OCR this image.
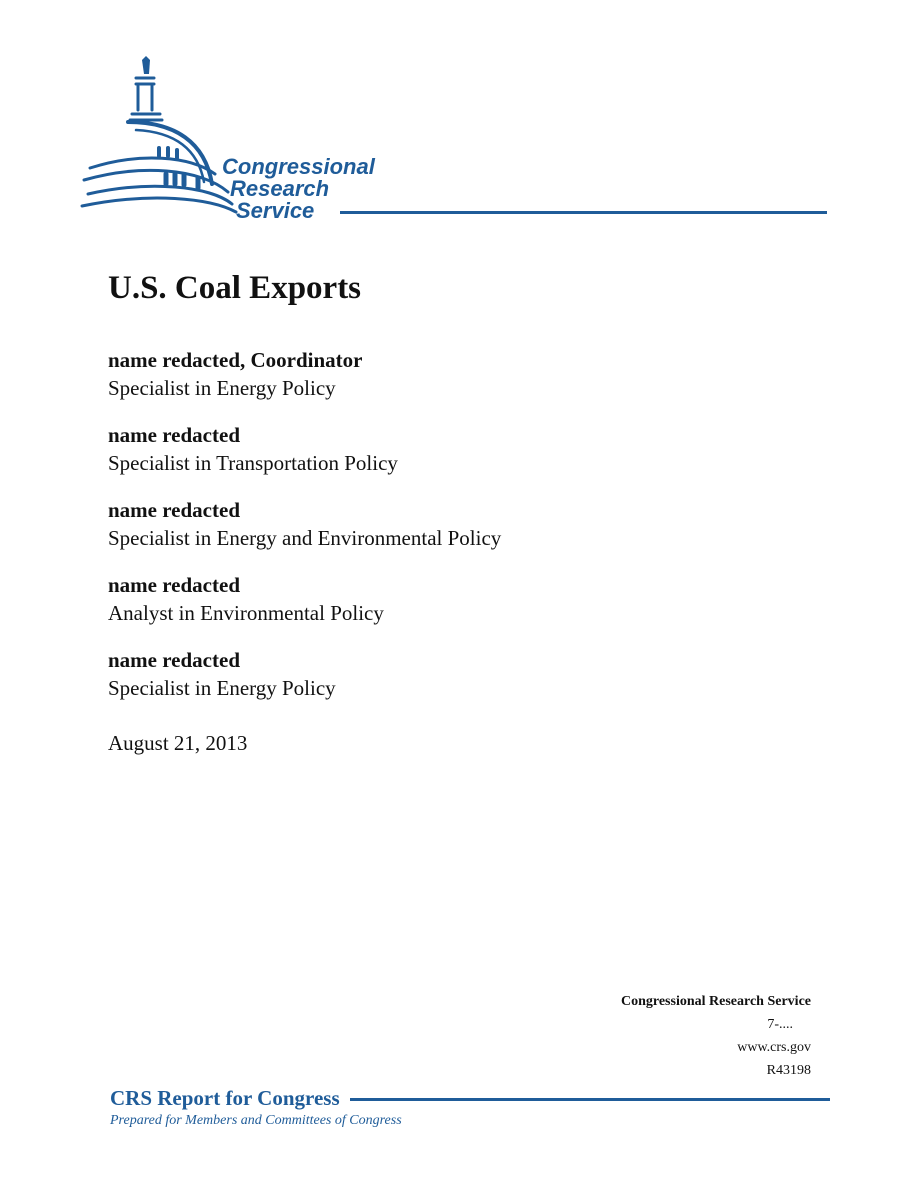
Congressional
Research
Service
U.S. Coal Exports
name redacted, Coordinator
Specialist in Energy Policy
name redacted
Specialist in Transportation Policy
name redacted
Specialist in Energy and Environmental Policy
name redacted
Analyst in Environmental Policy
name redacted
Specialist in Energy Policy
August 21, 2013
Congressional Research Service
7-....
www.crs.gov
R43198
CRS Report for Congress
Prepared for Members and Committees of Congress
